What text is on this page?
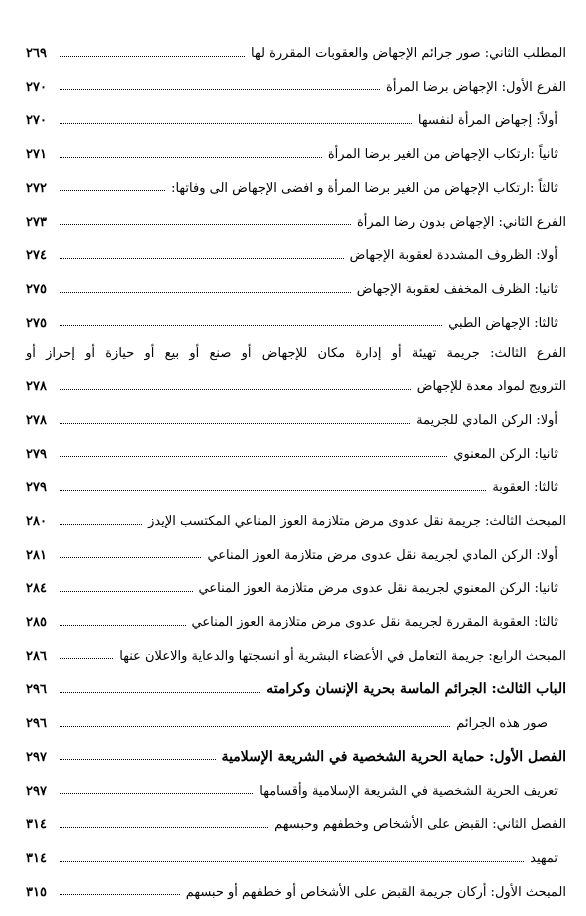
المطلب الثاني: صور جرائم الإجهاض والعقوبات المقررة لها
٢٦٩
الفرع الأول: الإجهاض برضا المرأة
٢٧٠
أولاً: إجهاض المرأة لنفسها
٢٧٠
ثانياً :ارتكاب الإجهاض من الغير برضا المرأة
٢٧١
ثالثاً :ارتكاب الإجهاض من الغير برضا المرأة و افضى الإجهاض الى وفاتها:
٢٧٢
الفرع الثاني: الإجهاض بدون رضا المرأة
٢٧٣
أولا: الظروف المشددة لعقوبة الإجهاض
٢٧٤
ثانيا: الظرف المخفف لعقوبة الإجهاض
٢٧٥
ثالثا: الإجهاض الطبي
٢٧٥
الفرع الثالث: جريمة تهيئة أو إدارة مكان للإجهاض أو صنع أو بيع أو حيازة أو إحراز أو
الترويج لمواد معدة للإجهاض
٢٧٨
أولا: الركن المادي للجريمة
٢٧٨
ثانيا: الركن المعنوي
٢٧٩
ثالثا: العقوبة
٢٧٩
المبحث الثالث: جريمة نقل عدوى مرض متلازمة العوز المناعي المكتسب الإيدز
٢٨٠
أولا: الركن المادي لجريمة نقل عدوى مرض متلازمة العوز المناعي
٢٨١
ثانيا: الركن المعنوي لجريمة نقل عدوى مرض متلازمة العوز المناعي
٢٨٤
ثالثا: العقوبة المقررة لجريمة نقل عدوى مرض متلازمة العوز المناعي
٢٨٥
المبحث الرابع: جريمة التعامل في الأعضاء البشرية أو انسجتها والدعاية والاعلان عنها
٢٨٦
الباب الثالث: الجرائم الماسة بحرية الإنسان وكرامته
٢٩٦
صور هذه الجرائم
٢٩٦
الفصل الأول: حماية الحرية الشخصية في الشريعة الإسلامية
٢٩٧
تعريف الحرية الشخصية في الشريعة الإسلامية وأقسامها
٢٩٧
الفصل الثاني: القبض على الأشخاص وخطفهم وحبسهم
٣١٤
تمهيد
٣١٤
المبحث الأول: أركان جريمة القبض على الأشخاص أو خطفهم أو حبسهم
٣١٥
